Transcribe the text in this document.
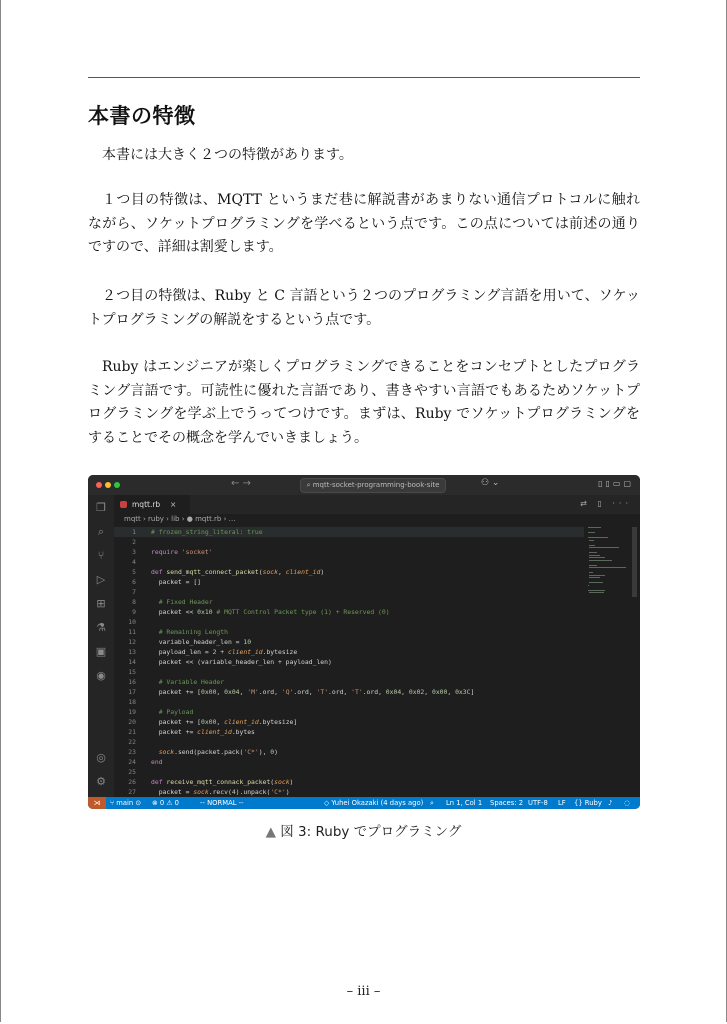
本書の特徴

本書には大きく２つの特徴があります。

１つ目の特徴は、MQTT というまだ巷に解説書があまりない通信プロトコルに触れながら、ソケットプログラミングを学べるという点です。この点については前述の通りですので、詳細は割愛します。

２つ目の特徴は、Ruby と C 言語という２つのプログラミング言語を用いて、ソケットプログラミングの解説をするという点です。

Ruby はエンジニアが楽しくプログラミングできることをコンセプトとしたプログラミング言語です。可読性に優れた言語であり、書きやすい言語でもあるためソケットプログラミングを学ぶ上でうってつけです。まずは、Ruby でソケットプログラミングをすることでその概念を学んでいきましょう。

← →	⌕ mqtt-socket-programming-book-site	⚇ ⌄	▯▯▭▢
❐
⌕
⑂
▷
⊞
⚗
▣
◉
◎
⚙
mqtt.rb ×	⇄ ▯ ···
mqtt › ruby › lib › ● mqtt.rb › …
1 # frozen_string_literal: true
2
3 require 'socket'
4
5 def send_mqtt_connect_packet(sock, client_id)
6 packet = []
7
8	# Fixed Header
9 packet << 0x10 # MQTT Control Packet type (1) + Reserved (0)
10
11	# Remaining Length
12 variable_header_len = 10
13 payload_len = 2 + client_id.bytesize
14 packet << (variable_header_len + payload_len)
15
16	# Variable Header
17 packet += [0x00, 0x04, 'M'.ord, 'Q'.ord, 'T'.ord, 'T'.ord, 0x04, 0x02, 0x00, 0x3C]
18
19	# Payload
20 packet += [0x00, client_id.bytesize]
21 packet += client_id.bytes
22
23	sock.send(packet.pack('C*'), 0)
24 end
25
26 def receive_mqtt_connack_packet(sock)
27 packet = sock.recv(4).unpack('C*')
⋊	⑂ main ⊙ ⊗ 0 ⚠ 0	-- NORMAL --	◇ Yuhei Okazaki (4 days ago) ⌕ Ln 1, Col 1 Spaces: 2 UTF-8 LF {} Ruby ♪ ◌
▲ 図 3: Ruby でプログラミング
– iii –
